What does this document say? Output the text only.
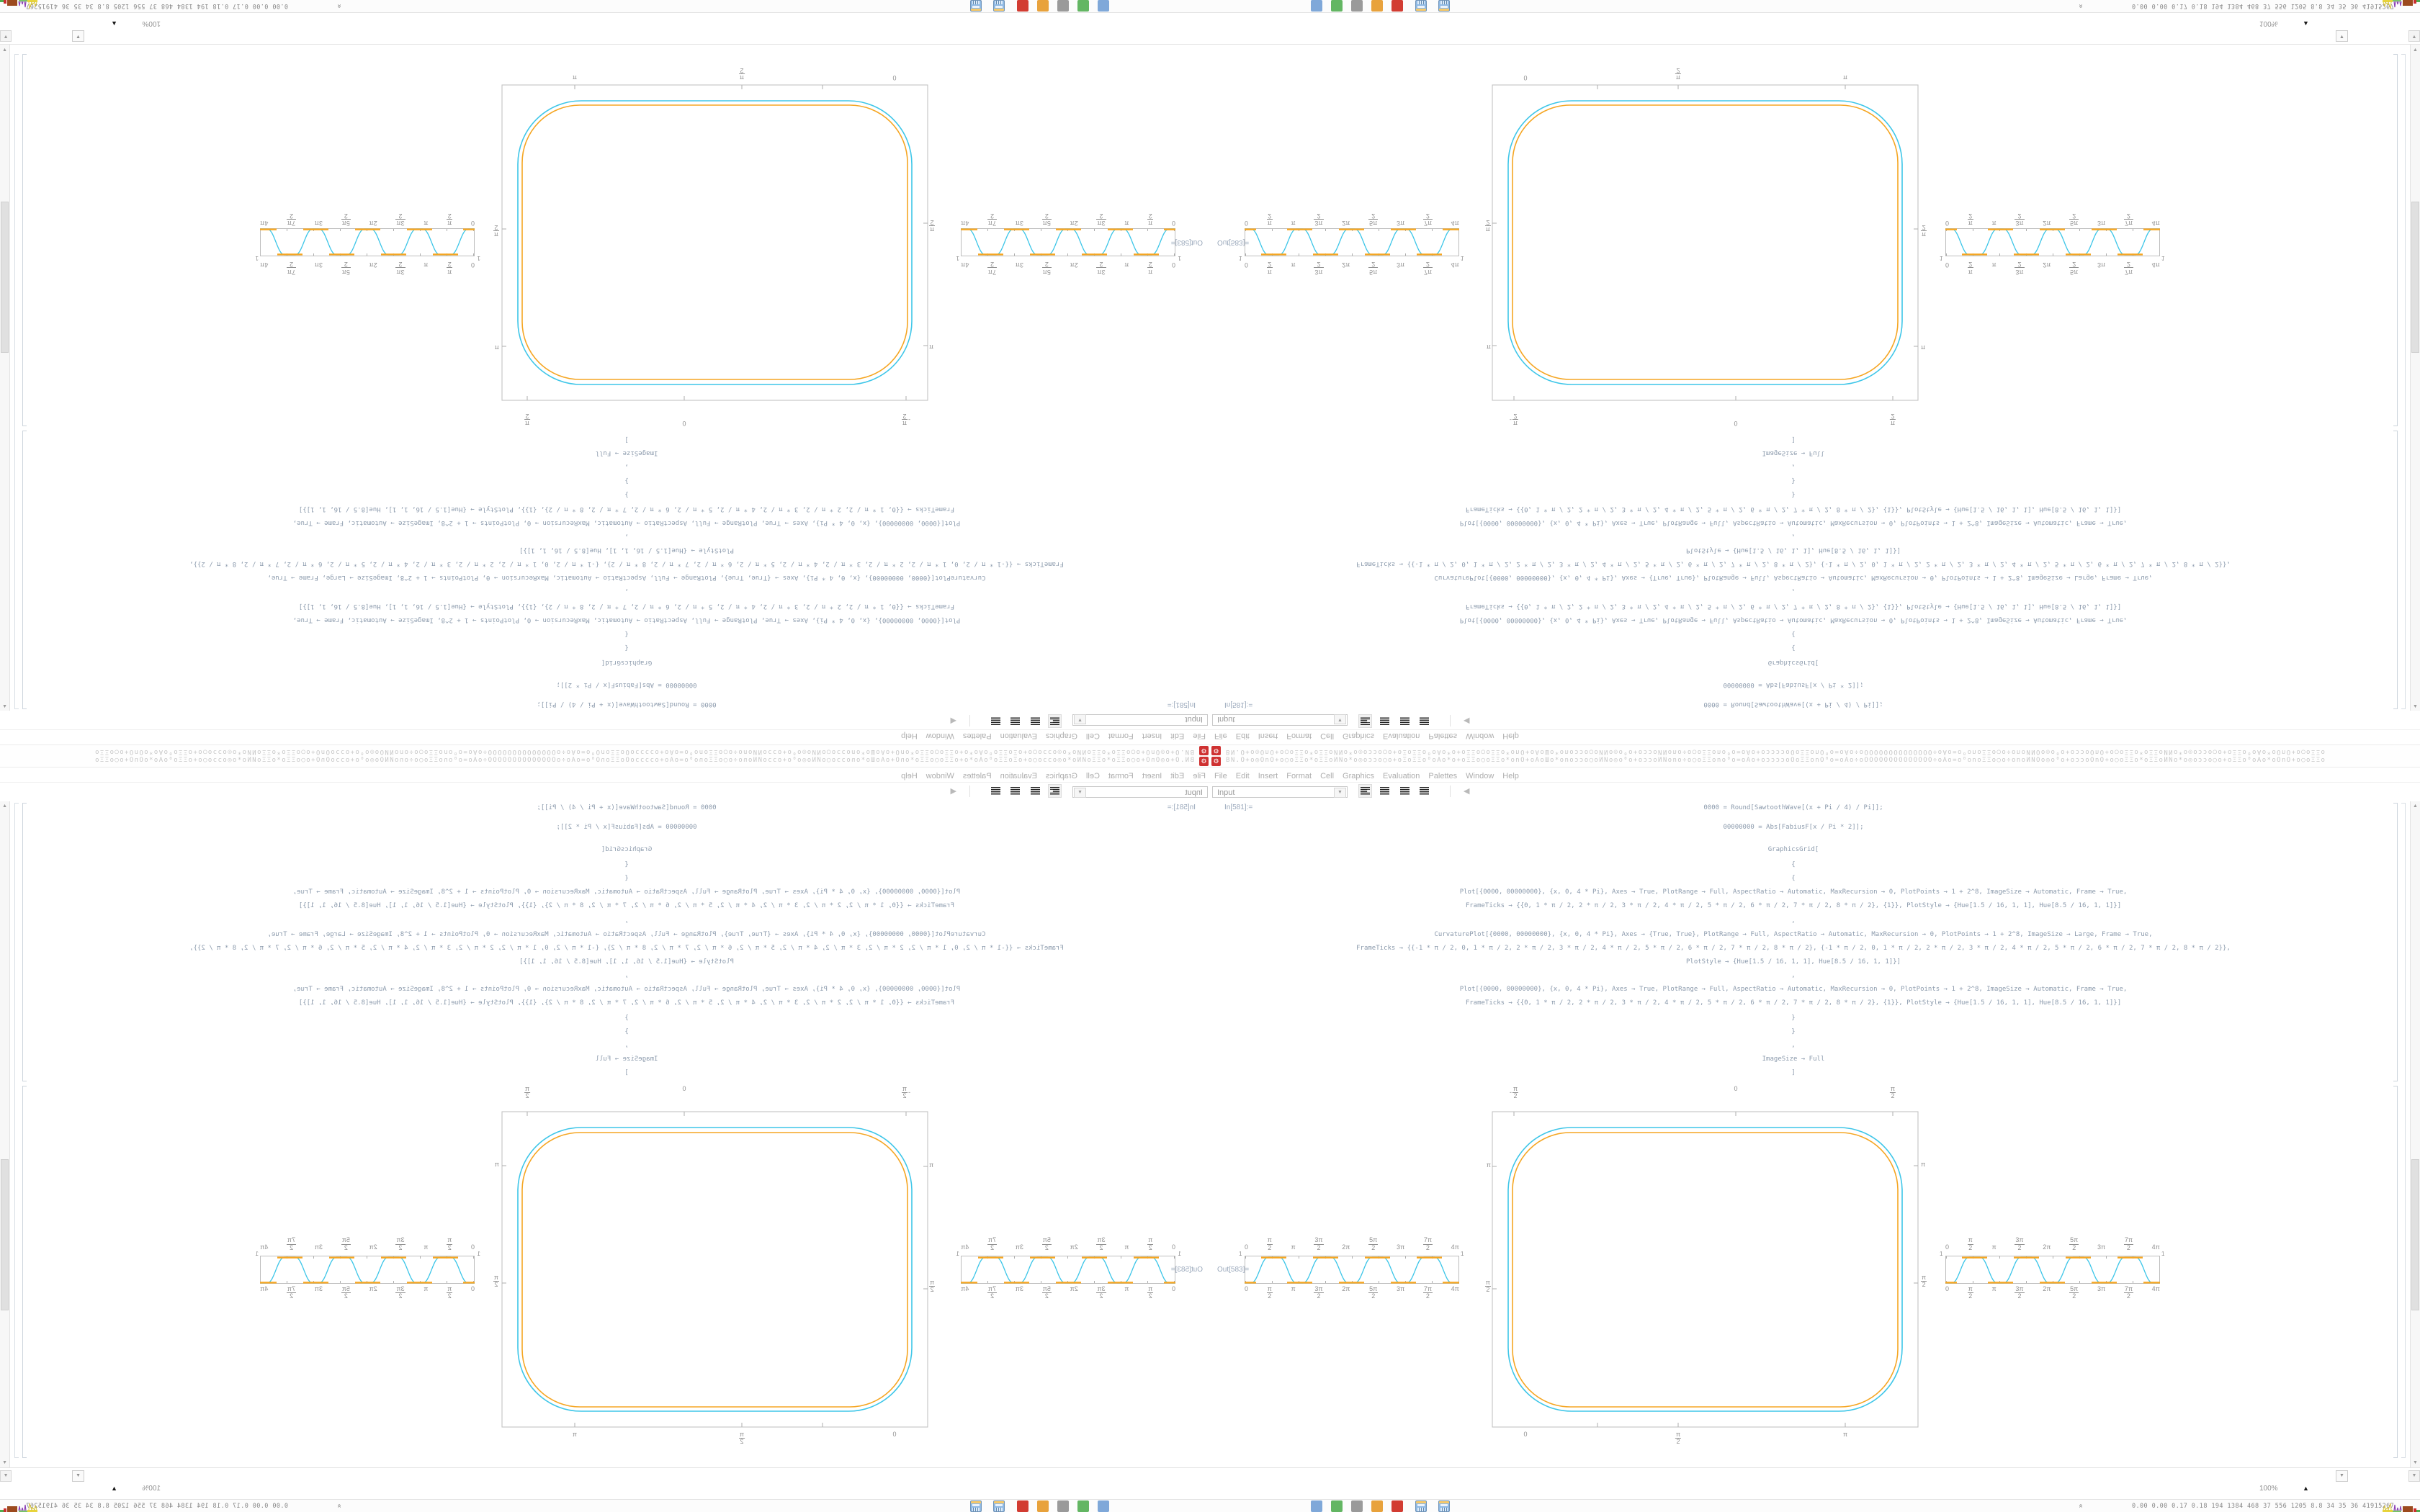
⚙
BN.O+o◎OnO+o◯oΞΞo*oΞΞoИNo*o◎oɔɔo◯o+oΞoΞΞo⁰oAo*o+oΞΞo◯oΞΞo*onO+oAoШo*onoɔɔo◯oИNo◎o⁰o+oɔɔoИNono÷o◯oΞΞono⁰o=oAo+oɔɔɔɔoOoΞΞonO⁰o=oAo÷oOOOOOOOOOOOOOO÷oAo=o⁰onoΞΞo◯o÷onoИNOo◎o⁰o+oɔɔoOnO+o◯oΞΞo*oΞΞoИNo*o◎oɔɔo◯o+oΞΞo⁰oAo*oOnO+o◯oΞΞo
FileEditInsertFormatCellGraphicsEvaluationPalettesWindowHelp
Input
▼

◀
In[581]:=
0000 = Round[SawtoothWave[(x + Pi / 4) / Pi]];
00000000 = Abs[FabiusF[x / Pi * 2]];
GraphicsGrid[
{
{
Plot[{0000, 00000000}, {x, 0, 4 * Pi}, Axes → True, PlotRange → Full, AspectRatio → Automatic, MaxRecursion → 0, PlotPoints → 1 + 2^8, ImageSize → Automatic, Frame → True,
FrameTicks → {{0, 1 * π / 2, 2 * π / 2, 3 * π / 2, 4 * π / 2, 5 * π / 2, 6 * π / 2, 7 * π / 2, 8 * π / 2}, {1}}, PlotStyle → {Hue[1.5 / 16, 1, 1], Hue[8.5 / 16, 1, 1]}]
,
CurvaturePlot[{0000, 00000000}, {x, 0, 4 * Pi}, Axes → {True, True}, PlotRange → Full, AspectRatio → Automatic, MaxRecursion → 0, PlotPoints → 1 + 2^8, ImageSize → Large, Frame → True,
FrameTicks → {{-1 * π / 2, 0, 1 * π / 2, 2 * π / 2, 3 * π / 2, 4 * π / 2, 5 * π / 2, 6 * π / 2, 7 * π / 2, 8 * π / 2}, {-1 * π / 2, 0, 1 * π / 2, 2 * π / 2, 3 * π / 2, 4 * π / 2, 5 * π / 2, 6 * π / 2, 7 * π / 2, 8 * π / 2}},
PlotStyle → {Hue[1.5 / 16, 1, 1], Hue[8.5 / 16, 1, 1]}]
,
Plot[{0000, 00000000}, {x, 0, 4 * Pi}, Axes → True, PlotRange → Full, AspectRatio → Automatic, MaxRecursion → 0, PlotPoints → 1 + 2^8, ImageSize → Automatic, Frame → True,
FrameTicks → {{0, 1 * π / 2, 2 * π / 2, 3 * π / 2, 4 * π / 2, 5 * π / 2, 6 * π / 2, 7 * π / 2, 8 * π / 2}, {1}}, PlotStyle → {Hue[1.5 / 16, 1, 1], Hue[8.5 / 16, 1, 1]}]
}
}
,
ImageSize → Full
]
Out[583]=
0
π
2
π
3π
2
2π
5π
2
3π
7π
2
4π
1
1
0
π
2
π
3π
2
2π
5π
2
3π
7π
2
4π
-
π
2
0
π
2
π
π
2
π
π
2
0
π
2
π
0
π
2
π
3π
2
2π
5π
2
3π
7π
2
4π
1
1
0
π
2
π
3π
2
2π
5π
2
3π
7π
2
4π
▲
▼
▼
▼
100%
▲
«
0.00 0.00 0.17 0.18 194 1384 468 37 556 1205 8.8 34 35 36 41915267
⚙ BN.O+o◎OnO+o◯oΞΞo*oΞΞoИNo*o◎oɔɔo◯o+oΞoΞΞo⁰oAo*o+oΞΞo◯oΞΞo*onO+oAoШo*onoɔɔo◯oИNo◎o⁰o+oɔɔoИNono÷o◯oΞΞono⁰o=oAo+oɔɔɔɔoOoΞΞonO⁰o=oAo÷oOOOOOOOOOOOOOO÷oAo=o⁰onoΞΞo◯o÷onoИNOo◎o⁰o+oɔɔoOnO+o◯oΞΞo*oΞΞoИNo*o◎oɔɔo◯o+oΞΞo⁰oAo*oOnO+o◯oΞΞo
File Edit Insert Format Cell Graphics Evaluation Palettes Window Help
Input	▼

	◀
In[581]:=	0000 = Round[SawtoothWave[(x + Pi / 4) / Pi]];
00000000 = Abs[FabiusF[x / Pi * 2]];
GraphicsGrid[
{
{
Plot[{0000, 00000000}, {x, 0, 4 * Pi}, Axes → True, PlotRange → Full, AspectRatio → Automatic, MaxRecursion → 0, PlotPoints → 1 + 2^8, ImageSize → Automatic, Frame → True,
FrameTicks → {{0, 1 * π / 2, 2 * π / 2, 3 * π / 2, 4 * π / 2, 5 * π / 2, 6 * π / 2, 7 * π / 2, 8 * π / 2}, {1}}, PlotStyle → {Hue[1.5 / 16, 1, 1], Hue[8.5 / 16, 1, 1]}]
,
CurvaturePlot[{0000, 00000000}, {x, 0, 4 * Pi}, Axes → {True, True}, PlotRange → Full, AspectRatio → Automatic, MaxRecursion → 0, PlotPoints → 1 + 2^8, ImageSize → Large, Frame → True,
FrameTicks → {{-1 * π / 2, 0, 1 * π / 2, 2 * π / 2, 3 * π / 2, 4 * π / 2, 5 * π / 2, 6 * π / 2, 7 * π / 2, 8 * π / 2}, {-1 * π / 2, 0, 1 * π / 2, 2 * π / 2, 3 * π / 2, 4 * π / 2, 5 * π / 2, 6 * π / 2, 7 * π / 2, 8 * π / 2}},
PlotStyle → {Hue[1.5 / 16, 1, 1], Hue[8.5 / 16, 1, 1]}]
,
Plot[{0000, 00000000}, {x, 0, 4 * Pi}, Axes → True, PlotRange → Full, AspectRatio → Automatic, MaxRecursion → 0, PlotPoints → 1 + 2^8, ImageSize → Automatic, Frame → True,
FrameTicks → {{0, 1 * π / 2, 2 * π / 2, 3 * π / 2, 4 * π / 2, 5 * π / 2, 6 * π / 2, 7 * π / 2, 8 * π / 2}, {1}}, PlotStyle → {Hue[1.5 / 16, 1, 1], Hue[8.5 / 16, 1, 1]}]
}
}
,
ImageSize → Full
]
Out[583]=
0
π
2	π
3π
2	2π
5π
2	3π
7π
2	4π
1	1
0	π
2
π	3π
2
2π	5π
2
3π	7π
2
4π
-
π
2
0	π
2
π
π
2
π
π
2
0	π
2
π
0
π
2	π
3π
2	2π
5π
2	3π
7π
2	4π
1	1
0	π
2
π	3π
2
2π	5π
2
3π	7π
2
4π
▲
▼
▼	▼
100%	▲
«	0.00 0.00 0.17 0.18 194 1384 468 37 556 1205 8.8 34 35 36 41915267
⚙
BN.O+o◎OnO+o◯oΞΞo*oΞΞoИNo*o◎oɔɔo◯o+oΞoΞΞo⁰oAo*o+oΞΞo◯oΞΞo*onO+oAoШo*onoɔɔo◯oИNo◎o⁰o+oɔɔoИNono÷o◯oΞΞono⁰o=oAo+oɔɔɔɔoOoΞΞonO⁰o=oAo÷oOOOOOOOOOOOOOO÷oAo=o⁰onoΞΞo◯o÷onoИNOo◎o⁰o+oɔɔoOnO+o◯oΞΞo*oΞΞoИNo*o◎oɔɔo◯o+oΞΞo⁰oAo*oOnO+o◯oΞΞo
FileEditInsertFormatCellGraphicsEvaluationPalettesWindowHelp
Input
▼

◀
In[581]:=
0000 = Round[SawtoothWave[(x + Pi / 4) / Pi]];
00000000 = Abs[FabiusF[x / Pi * 2]];
GraphicsGrid[
{
{
Plot[{0000, 00000000}, {x, 0, 4 * Pi}, Axes → True, PlotRange → Full, AspectRatio → Automatic, MaxRecursion → 0, PlotPoints → 1 + 2^8, ImageSize → Automatic, Frame → True,
FrameTicks → {{0, 1 * π / 2, 2 * π / 2, 3 * π / 2, 4 * π / 2, 5 * π / 2, 6 * π / 2, 7 * π / 2, 8 * π / 2}, {1}}, PlotStyle → {Hue[1.5 / 16, 1, 1], Hue[8.5 / 16, 1, 1]}]
,
CurvaturePlot[{0000, 00000000}, {x, 0, 4 * Pi}, Axes → {True, True}, PlotRange → Full, AspectRatio → Automatic, MaxRecursion → 0, PlotPoints → 1 + 2^8, ImageSize → Large, Frame → True,
FrameTicks → {{-1 * π / 2, 0, 1 * π / 2, 2 * π / 2, 3 * π / 2, 4 * π / 2, 5 * π / 2, 6 * π / 2, 7 * π / 2, 8 * π / 2}, {-1 * π / 2, 0, 1 * π / 2, 2 * π / 2, 3 * π / 2, 4 * π / 2, 5 * π / 2, 6 * π / 2, 7 * π / 2, 8 * π / 2}},
PlotStyle → {Hue[1.5 / 16, 1, 1], Hue[8.5 / 16, 1, 1]}]
,
Plot[{0000, 00000000}, {x, 0, 4 * Pi}, Axes → True, PlotRange → Full, AspectRatio → Automatic, MaxRecursion → 0, PlotPoints → 1 + 2^8, ImageSize → Automatic, Frame → True,
FrameTicks → {{0, 1 * π / 2, 2 * π / 2, 3 * π / 2, 4 * π / 2, 5 * π / 2, 6 * π / 2, 7 * π / 2, 8 * π / 2}, {1}}, PlotStyle → {Hue[1.5 / 16, 1, 1], Hue[8.5 / 16, 1, 1]}]
}
}
,
ImageSize → Full
]
Out[583]=
0
$\frac{\pi}{2}$
π
$\frac{3\pi}{2}$
2π
$\frac{5\pi}{2}$
3π
$\frac{7\pi}{2}$
4π
1
1
0
$\frac{\pi}{2}$
π
$\frac{3\pi}{2}$
2π
$\frac{5\pi}{2}$
3π
$\frac{7\pi}{2}$
4π
-
$\frac{\pi}{2}$
0
$\frac{\pi}{2}$
π
$\frac{\pi}{2}$
π
$\frac{\pi}{2}$
0
$\frac{\pi}{2}$
π
0
$\frac{\pi}{2}$
π
$\frac{3\pi}{2}$
2π
$\frac{5\pi}{2}$
3π
$\frac{7\pi}{2}$
4π
1
1
0
$\frac{\pi}{2}$
π
$\frac{3\pi}{2}$
2π
$\frac{5\pi}{2}$
3π
$\frac{7\pi}{2}$
4π
▲
▼
▼
▼
100%
▲
«
0.00 0.00 0.17 0.18 194 1384 468 37 556 1205 8.8 34 35 36 41915267
⚙ BN.O+o◎OnO+o◯oΞΞo*oΞΞoИNo*o◎oɔɔo◯o+oΞoΞΞo⁰oAo*o+oΞΞo◯oΞΞo*onO+oAoШo*onoɔɔo◯oИNo◎o⁰o+oɔɔoИNono÷o◯oΞΞono⁰o=oAo+oɔɔɔɔoOoΞΞonO⁰o=oAo÷oOOOOOOOOOOOOOO÷oAo=o⁰onoΞΞo◯o÷onoИNOo◎o⁰o+oɔɔoOnO+o◯oΞΞo*oΞΞoИNo*o◎oɔɔo◯o+oΞΞo⁰oAo*oOnO+o◯oΞΞo
File Edit Insert Format Cell Graphics Evaluation Palettes Window Help
Input	▼

	◀
In[581]:=	0000 = Round[SawtoothWave[(x + Pi / 4) / Pi]];
00000000 = Abs[FabiusF[x / Pi * 2]];
GraphicsGrid[
{
{
Plot[{0000, 00000000}, {x, 0, 4 * Pi}, Axes → True, PlotRange → Full, AspectRatio → Automatic, MaxRecursion → 0, PlotPoints → 1 + 2^8, ImageSize → Automatic, Frame → True,
FrameTicks → {{0, 1 * π / 2, 2 * π / 2, 3 * π / 2, 4 * π / 2, 5 * π / 2, 6 * π / 2, 7 * π / 2, 8 * π / 2}, {1}}, PlotStyle → {Hue[1.5 / 16, 1, 1], Hue[8.5 / 16, 1, 1]}]
,
CurvaturePlot[{0000, 00000000}, {x, 0, 4 * Pi}, Axes → {True, True}, PlotRange → Full, AspectRatio → Automatic, MaxRecursion → 0, PlotPoints → 1 + 2^8, ImageSize → Large, Frame → True,
FrameTicks → {{-1 * π / 2, 0, 1 * π / 2, 2 * π / 2, 3 * π / 2, 4 * π / 2, 5 * π / 2, 6 * π / 2, 7 * π / 2, 8 * π / 2}, {-1 * π / 2, 0, 1 * π / 2, 2 * π / 2, 3 * π / 2, 4 * π / 2, 5 * π / 2, 6 * π / 2, 7 * π / 2, 8 * π / 2}},
PlotStyle → {Hue[1.5 / 16, 1, 1], Hue[8.5 / 16, 1, 1]}]
,
Plot[{0000, 00000000}, {x, 0, 4 * Pi}, Axes → True, PlotRange → Full, AspectRatio → Automatic, MaxRecursion → 0, PlotPoints → 1 + 2^8, ImageSize → Automatic, Frame → True,
FrameTicks → {{0, 1 * π / 2, 2 * π / 2, 3 * π / 2, 4 * π / 2, 5 * π / 2, 6 * π / 2, 7 * π / 2, 8 * π / 2}, {1}}, PlotStyle → {Hue[1.5 / 16, 1, 1], Hue[8.5 / 16, 1, 1]}]
}
}
,
ImageSize → Full
]
Out[583]=
0	$\frac{\pi}{2}$	π	$\frac{3\pi}{2}$	2π	$\frac{5\pi}{2}$	3π	$\frac{7\pi}{2}$	4π
1	1
0	$\frac{\pi}{2}$	π	$\frac{3\pi}{2}$	2π	$\frac{5\pi}{2}$	3π	$\frac{7\pi}{2}$	4π
- $\frac{\pi}{2}$	0	$\frac{\pi}{2}$
π
$\frac{\pi}{2}$
π
$\frac{\pi}{2}$
0	$\frac{\pi}{2}$	π
0	$\frac{\pi}{2}$	π	$\frac{3\pi}{2}$	2π	$\frac{5\pi}{2}$	3π	$\frac{7\pi}{2}$	4π
1	1
0	$\frac{\pi}{2}$	π	$\frac{3\pi}{2}$	2π	$\frac{5\pi}{2}$	3π	$\frac{7\pi}{2}$	4π
▲
▼
▼	▼
100%	▲
«	0.00 0.00 0.17 0.18 194 1384 468 37 556 1205 8.8 34 35 36 41915267
